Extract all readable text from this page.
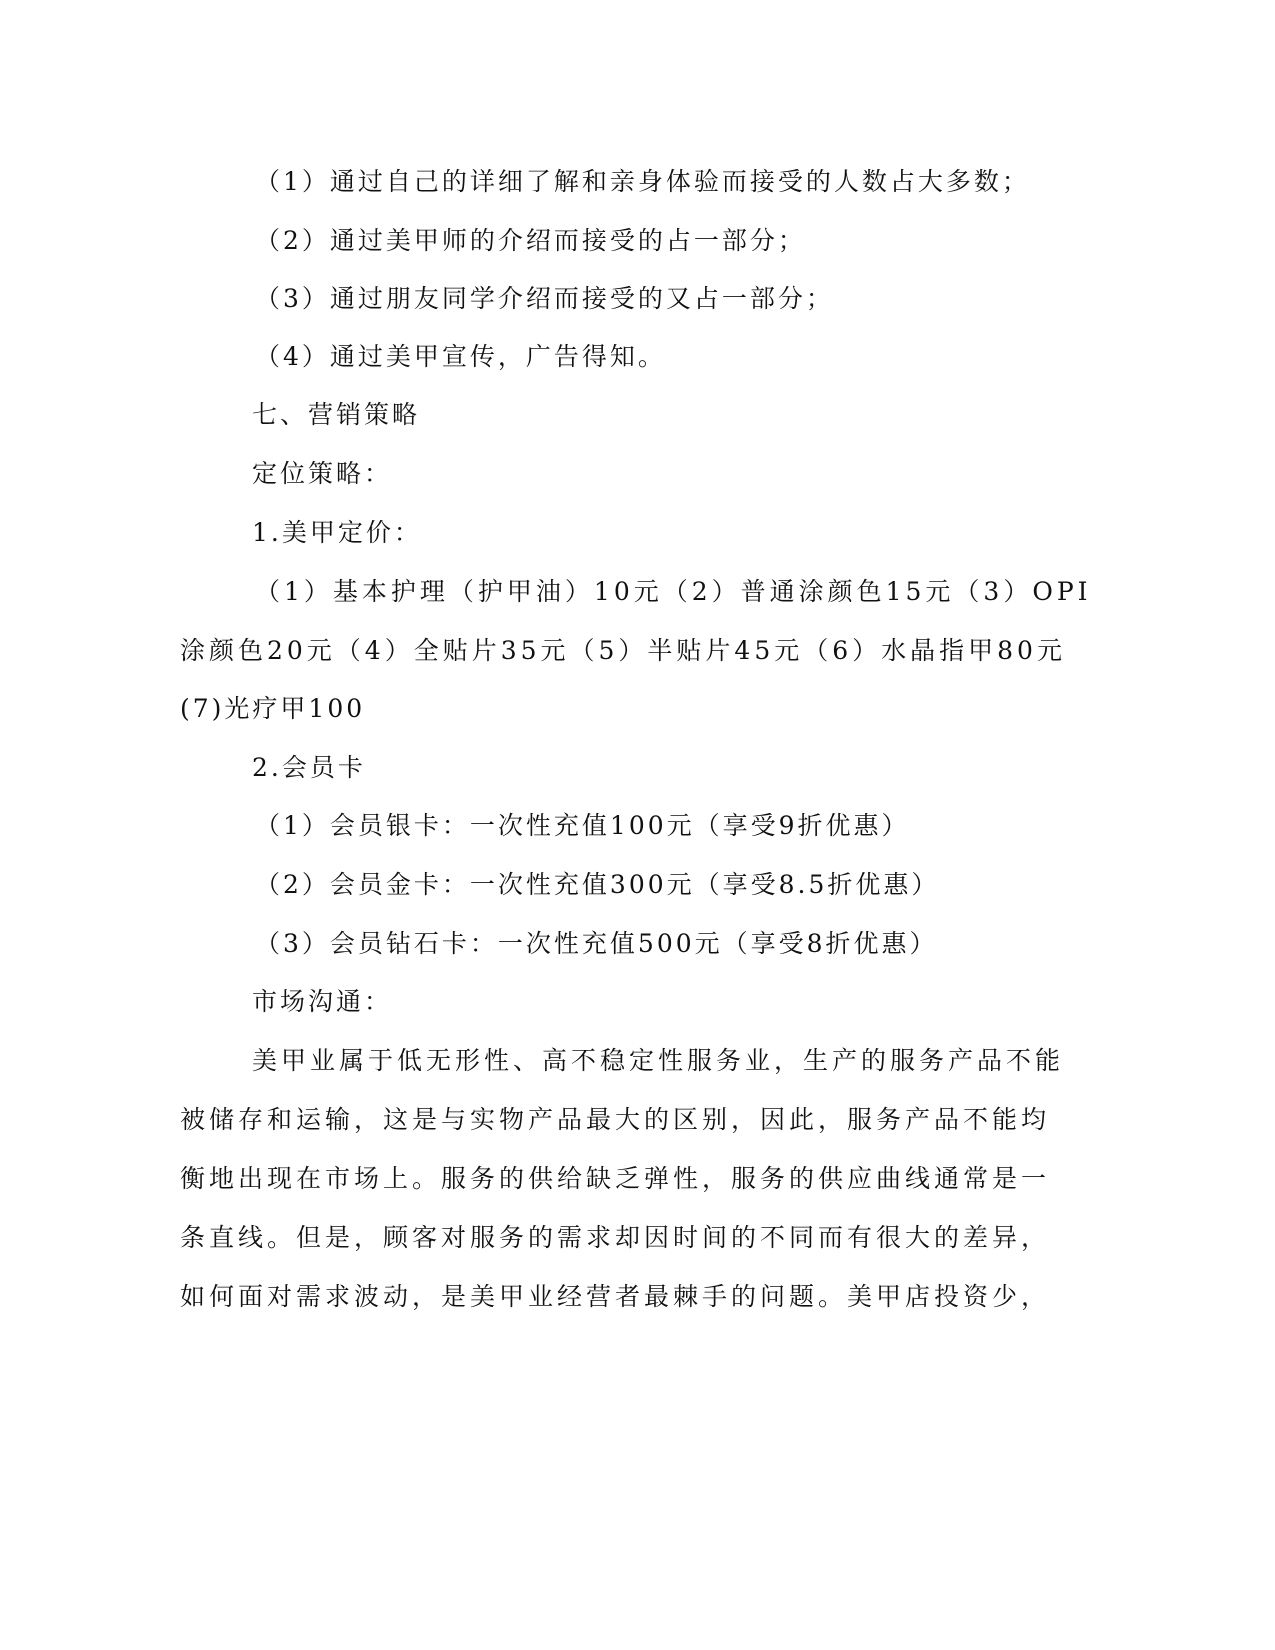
（1）通过自己的详细了解和亲身体验而接受的人数占大多数；
（2）通过美甲师的介绍而接受的占一部分；
（3）通过朋友同学介绍而接受的又占一部分；
（4）通过美甲宣传，广告得知。
七、营销策略
定位策略：
1.美甲定价：
（1）基本护理（护甲油）10元（2）普通涂颜色15元（3）OPI
涂颜色20元（4）全贴片35元（5）半贴片45元（6）水晶指甲80元
(7)光疗甲100
2.会员卡
（1）会员银卡：一次性充值100元（享受9折优惠）
（2）会员金卡：一次性充值300元（享受8.5折优惠）
（3）会员钻石卡：一次性充值500元（享受8折优惠）
市场沟通：
美甲业属于低无形性、高不稳定性服务业，生产的服务产品不能
被储存和运输，这是与实物产品最大的区别，因此，服务产品不能均
衡地出现在市场上。服务的供给缺乏弹性，服务的供应曲线通常是一
条直线。但是，顾客对服务的需求却因时间的不同而有很大的差异，
如何面对需求波动，是美甲业经营者最棘手的问题。美甲店投资少，
